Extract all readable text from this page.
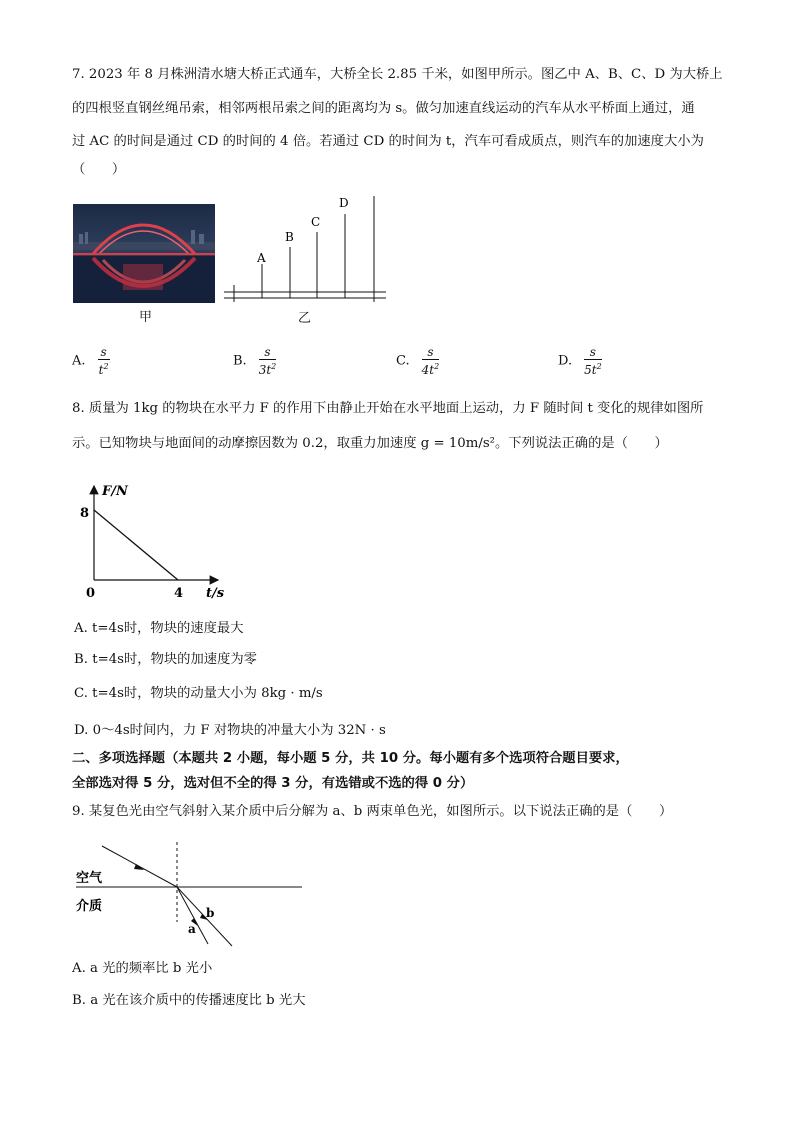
7. 2023 年 8 月株洲清水塘大桥正式通车，大桥全长 2.85 千米，如图甲所示。图乙中 A、B、C、D 为大桥上
的四根竖直钢丝绳吊索，相邻两根吊索之间的距离均为 s。做匀加速直线运动的汽车从水平桥面上通过，通
过 AC 的时间是通过 CD 的时间的 4 倍。若通过 CD 的时间为 t，汽车可看成质点，则汽车的加速度大小为
（　　）
甲
A
B
C
D
乙
A. $\frac{s}{t^2}$	B. $\frac{s}{3t^2}$	C. $\frac{s}{4t^2}$	D. $\frac{s}{5t^2}$
8. 质量为 1kg 的物块在水平力 F 的作用下由静止开始在水平地面上运动，力 F 随时间 t 变化的规律如图所
示。已知物块与地面间的动摩擦因数为 0.2，取重力加速度 g = 10m/s²。下列说法正确的是（　　）
F/N
8
0	4 t/s
A. t=4s时，物块的速度最大
B. t=4s时，物块的加速度为零
C. t=4s时，物块的动量大小为 8kg · m/s
D. 0～4s时间内，力 F 对物块的冲量大小为 32N · s
二、多项选择题（本题共 2 小题，每小题 5 分，共 10 分。每小题有多个选项符合题目要求，
全部选对得 5 分，选对但不全的得 3 分，有选错或不选的得 0 分）
9. 某复色光由空气斜射入某介质中后分解为 a、b 两束单色光，如图所示。以下说法正确的是（　　）
空气
介质
a
b
A. a 光的频率比 b 光小
B. a 光在该介质中的传播速度比 b 光大
